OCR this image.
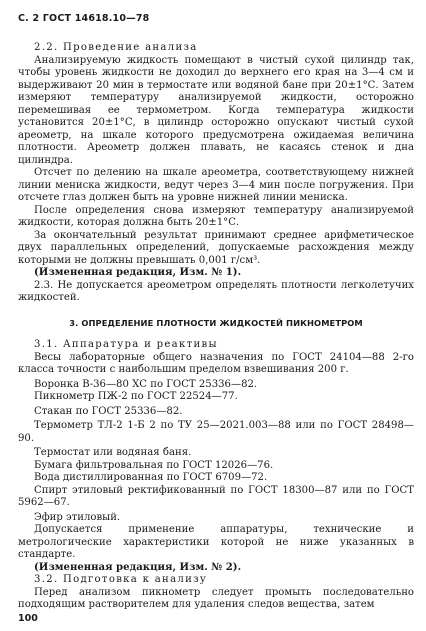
С. 2 ГОСТ 14618.10—78

2.2. Проведение анализа

Анализируемую жидкость помещают в чистый сухой цилиндр так, чтобы уровень жидкости не доходил до верхнего его края на 3—4 см и выдерживают 20 мин в термостате или водяной бане при 20±1°С. Затем измеряют температуру анализируемой жидкости, осторожно перемешивая ее термометром. Когда температура жидкости установится 20±1°С, в цилиндр осторожно опускают чистый сухой ареометр, на шкале которого предусмотрена ожидаемая величина плотности. Ареометр должен плавать, не касаясь стенок и дна цилиндра.

Отсчет по делению на шкале ареометра, соответствующему нижней линии мениска жидкости, ведут через 3—4 мин после погружения. При отсчете глаз должен быть на уровне нижней линии мениска.

После определения снова измеряют температуру анализируемой жидкости, которая должна быть 20±1°С.

За окончательный результат принимают среднее арифметическое двух параллельных определений, допускаемые расхождения между которыми не должны превышать 0,001 г/см³.

(Измененная редакция, Изм. № 1).

2.3. Не допускается ареометром определять плотности легколетучих жидкостей.

3. ОПРЕДЕЛЕНИЕ ПЛОТНОСТИ ЖИДКОСТЕЙ ПИКНОМЕТРОМ

3.1. Аппаратура и реактивы

Весы лабораторные общего назначения по ГОСТ 24104—88 2-го класса точности с наибольшим пределом взвешивания 200 г.

Воронка В-36—80 ХС по ГОСТ 25336—82.

Пикнометр ПЖ-2 по ГОСТ 22524—77.

Стакан по ГОСТ 25336—82.

Термометр ТЛ-2 1-Б 2 по ТУ 25—2021.003—88 или по ГОСТ 28498—90.

Термостат или водяная баня.

Бумага фильтровальная по ГОСТ 12026—76.

Вода дистиллированная по ГОСТ 6709—72.

Спирт этиловый ректификованный по ГОСТ 18300—87 или по ГОСТ 5962—67.

Эфир этиловый.

Допускается применение аппаратуры, технические и метрологические характеристики которой не ниже указанных в стандарте.

(Измененная редакция, Изм. № 2).

3.2. Подготовка к анализу

Перед анализом пикнометр следует промыть последовательно подходящим растворителем для удаления следов вещества, затем

100
